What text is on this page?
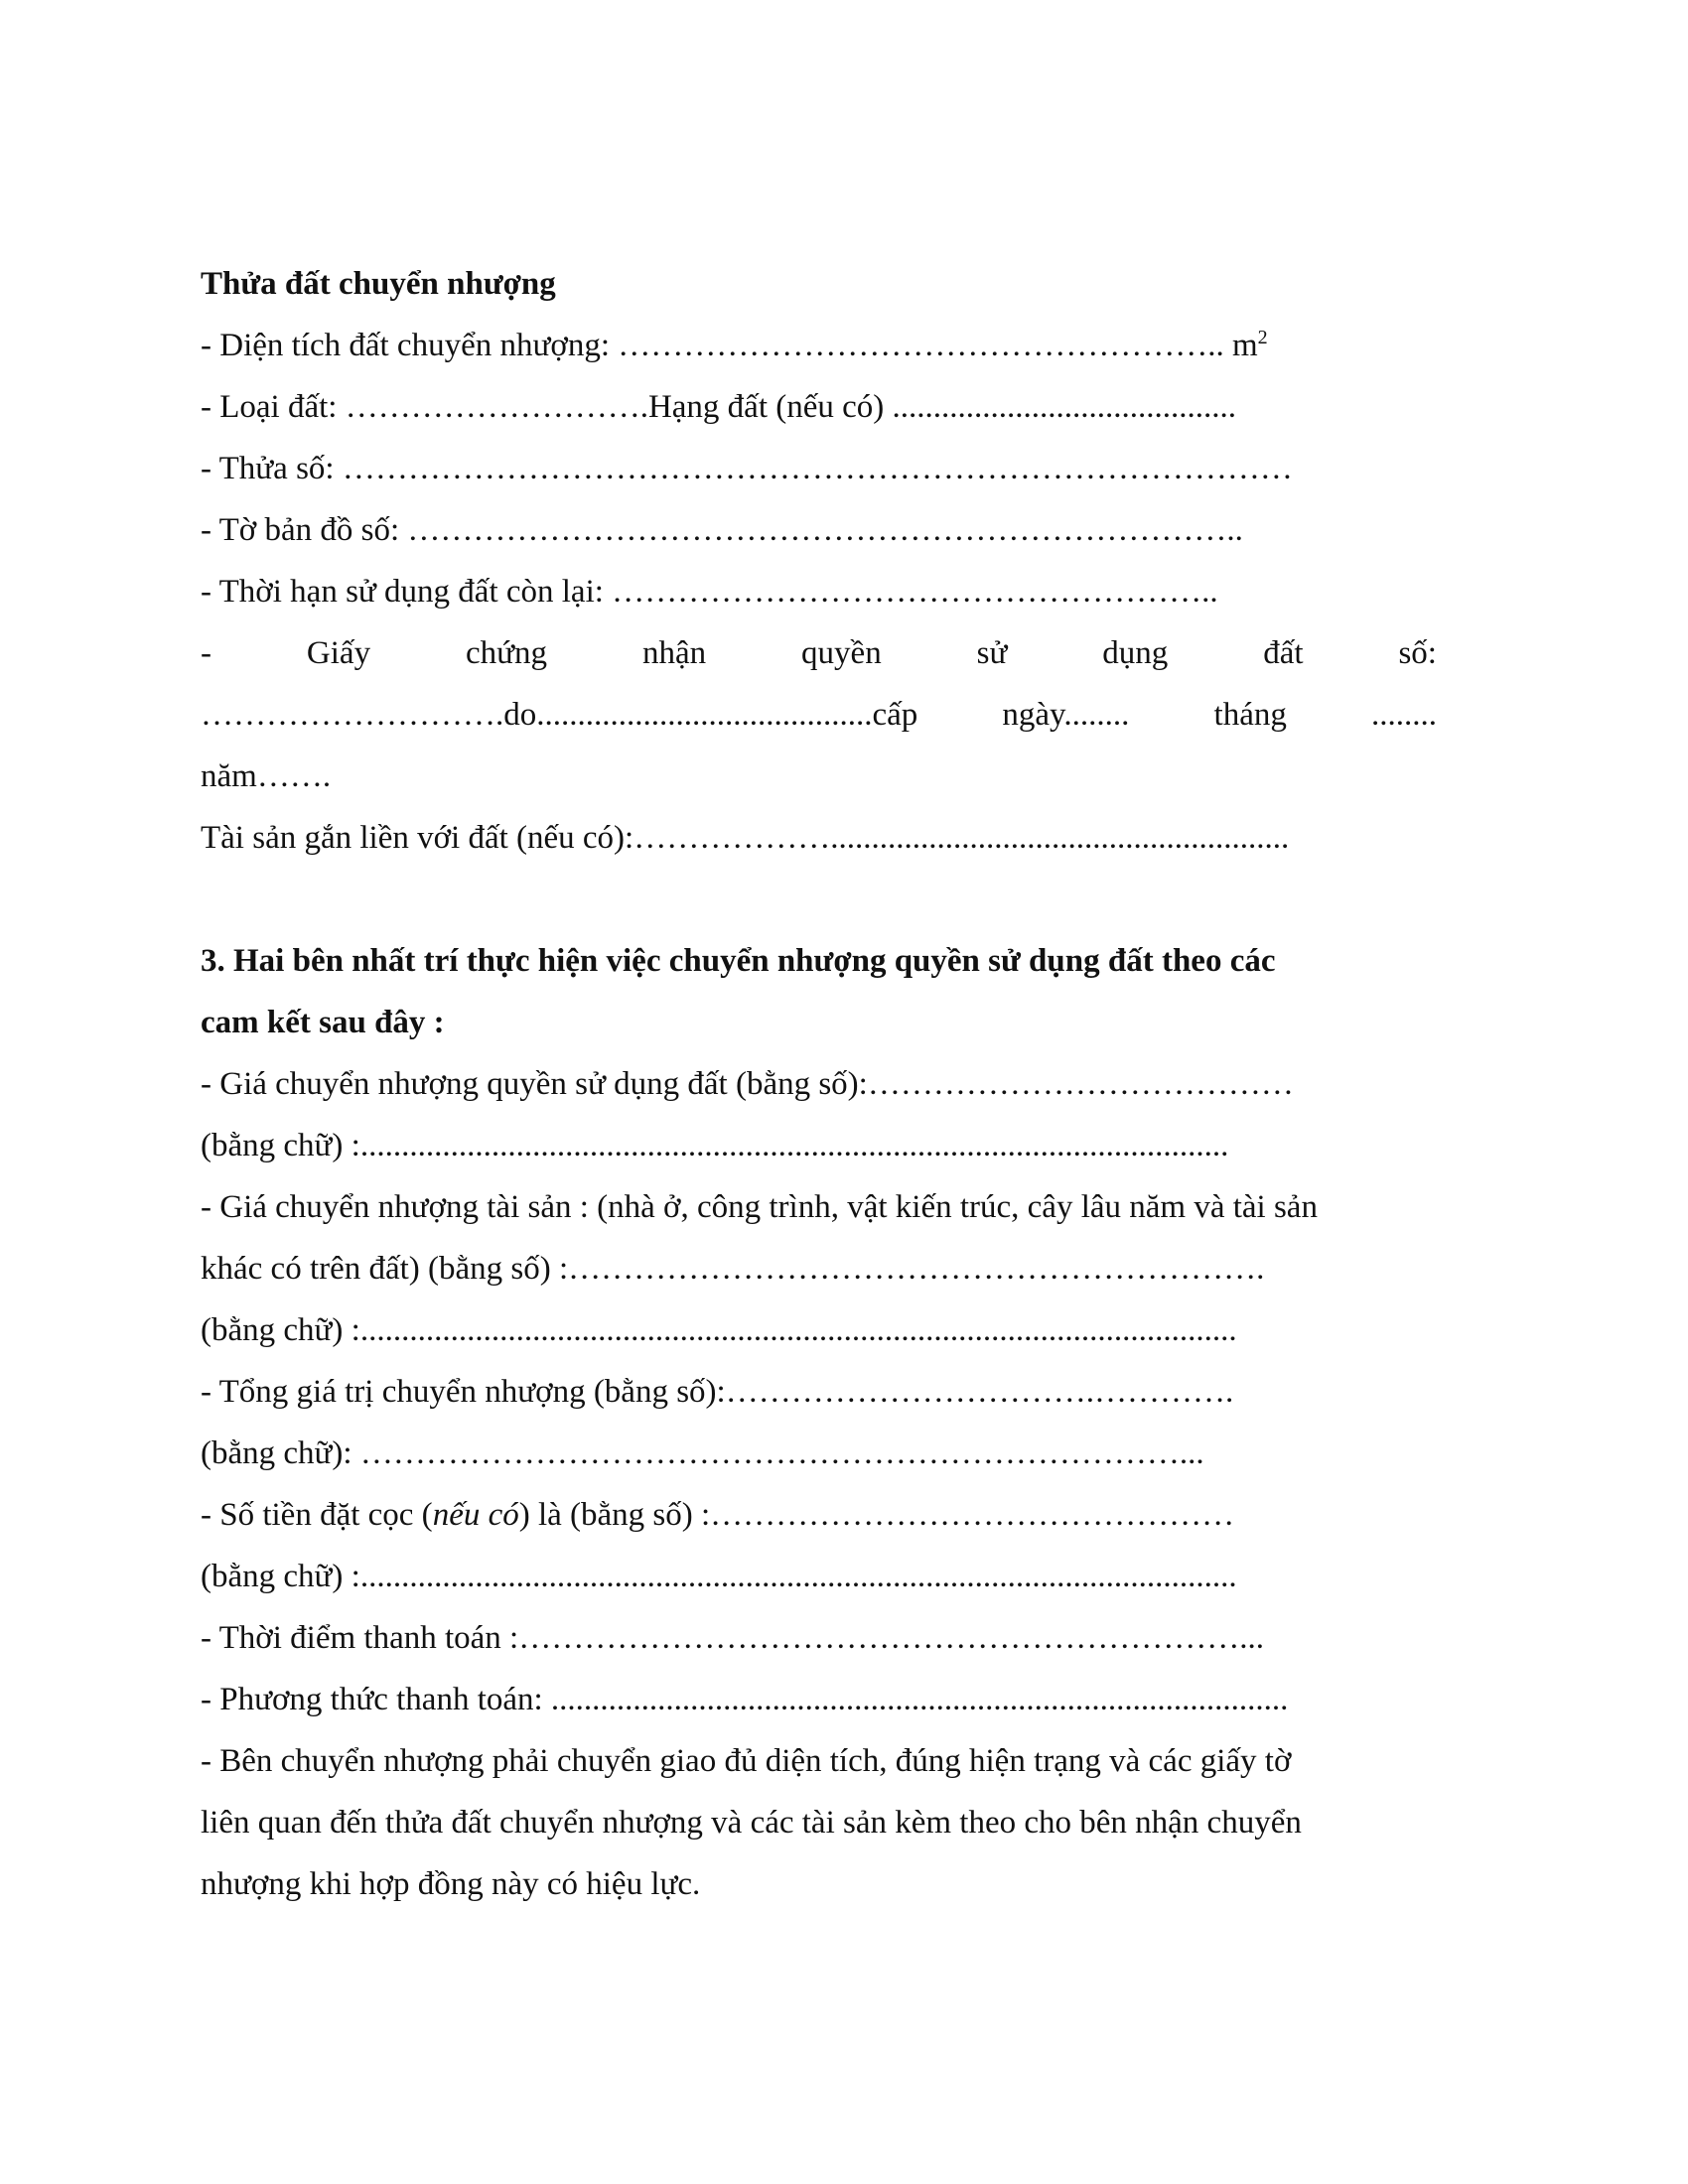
Thửa đất chuyển nhượng
- Diện tích đất chuyển nhượng: ……………………………………………….. $m^2$
- Loại đất: ……………………….Hạng đất (nếu có) ..........................................
- Thửa số: ……………………………………………………………………………
- Tờ bản đồ số: …………………………………………………………………..
- Thời hạn sử dụng đất còn lại: ………………………………………………..
-	Giấy	chứng	nhận	quyền	sử	dụng	đất	số:
……………………….do.........................................cấp	ngày........	tháng	........
năm…….
Tài sản gắn liền với đất (nếu có):………………........................................................
3. Hai bên nhất trí thực hiện việc chuyển nhượng quyền sử dụng đất theo các
cam kết sau đây :
- Giá chuyển nhượng quyền sử dụng đất (bằng số):…………………………………
(bằng chữ) :..........................................................................................................
- Giá chuyển nhượng tài sản : (nhà ở, công trình, vật kiến trúc, cây lâu năm và tài sản
khác có trên đất) (bằng số) :……………………………………………………….
(bằng chữ) :...........................................................................................................
- Tổng giá trị chuyển nhượng (bằng số):…………………………….………….
(bằng chữ): …………………………………………………………………...
- Số tiền đặt cọc (nếu có) là (bằng số) :…………………………………………
(bằng chữ) :...........................................................................................................
- Thời điểm thanh toán :…………………………………………………………...
- Phương thức thanh toán: ..........................................................................................
- Bên chuyển nhượng phải chuyển giao đủ diện tích, đúng hiện trạng và các giấy tờ
liên quan đến thửa đất chuyển nhượng và các tài sản kèm theo cho bên nhận chuyển
nhượng khi hợp đồng này có hiệu lực.
